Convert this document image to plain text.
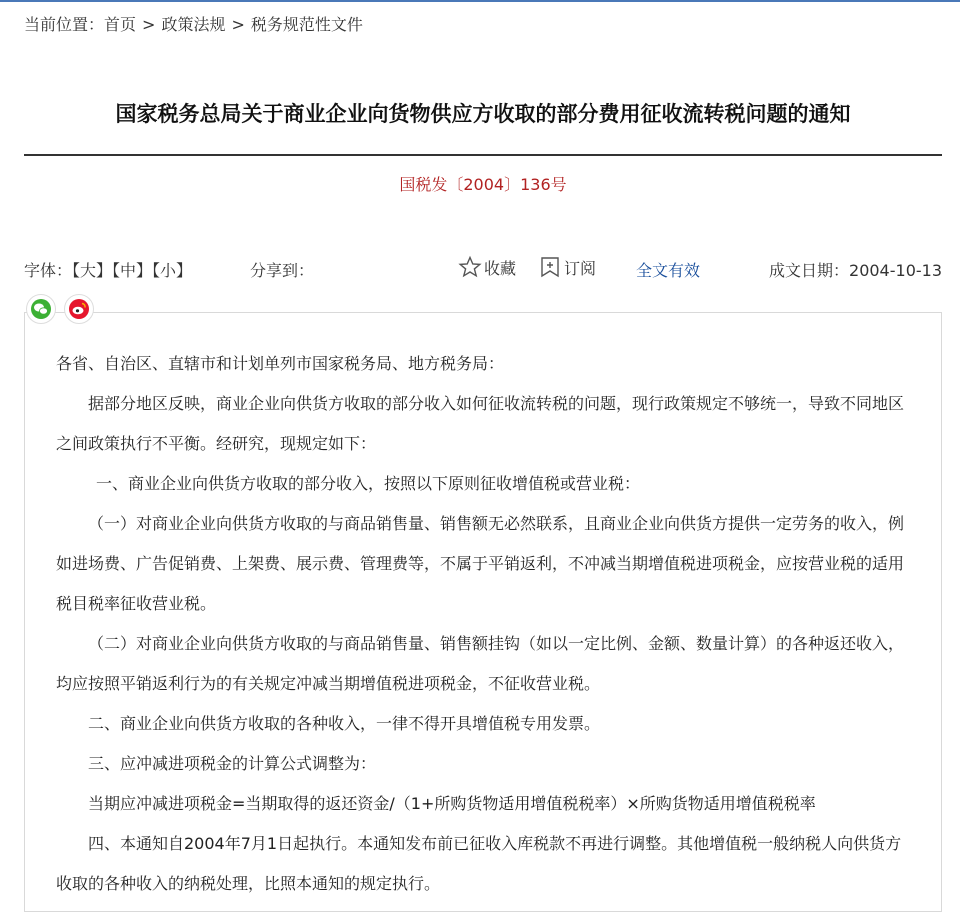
当前位置：首页 > 政策法规 > 税务规范性文件
国家税务总局关于商业企业向货物供应方收取的部分费用征收流转税问题的通知
国税发〔2004〕136号
字体：【大】【中】【小】	分享到：	收藏	订阅 全文有效	成文日期：2004-10-13

各省、自治区、直辖市和计划单列市国家税务局、地方税务局：

据部分地区反映，商业企业向供货方收取的部分收入如何征收流转税的问题，现行政策规定不够统一，导致不同地区之间政策执行不平衡。经研究，现规定如下：

一、商业企业向供货方收取的部分收入，按照以下原则征收增值税或营业税：

（一）对商业企业向供货方收取的与商品销售量、销售额无必然联系，且商业企业向供货方提供一定劳务的收入，例如进场费、广告促销费、上架费、展示费、管理费等，不属于平销返利，不冲减当期增值税进项税金，应按营业税的适用税目税率征收营业税。

（二）对商业企业向供货方收取的与商品销售量、销售额挂钩（如以一定比例、金额、数量计算）的各种返还收入，均应按照平销返利行为的有关规定冲减当期增值税进项税金，不征收营业税。

二、商业企业向供货方收取的各种收入，一律不得开具增值税专用发票。

三、应冲减进项税金的计算公式调整为：

当期应冲减进项税金=当期取得的返还资金/（1+所购货物适用增值税税率）×所购货物适用增值税税率

四、本通知自2004年7月1日起执行。本通知发布前已征收入库税款不再进行调整。其他增值税一般纳税人向供货方收取的各种收入的纳税处理，比照本通知的规定执行。
